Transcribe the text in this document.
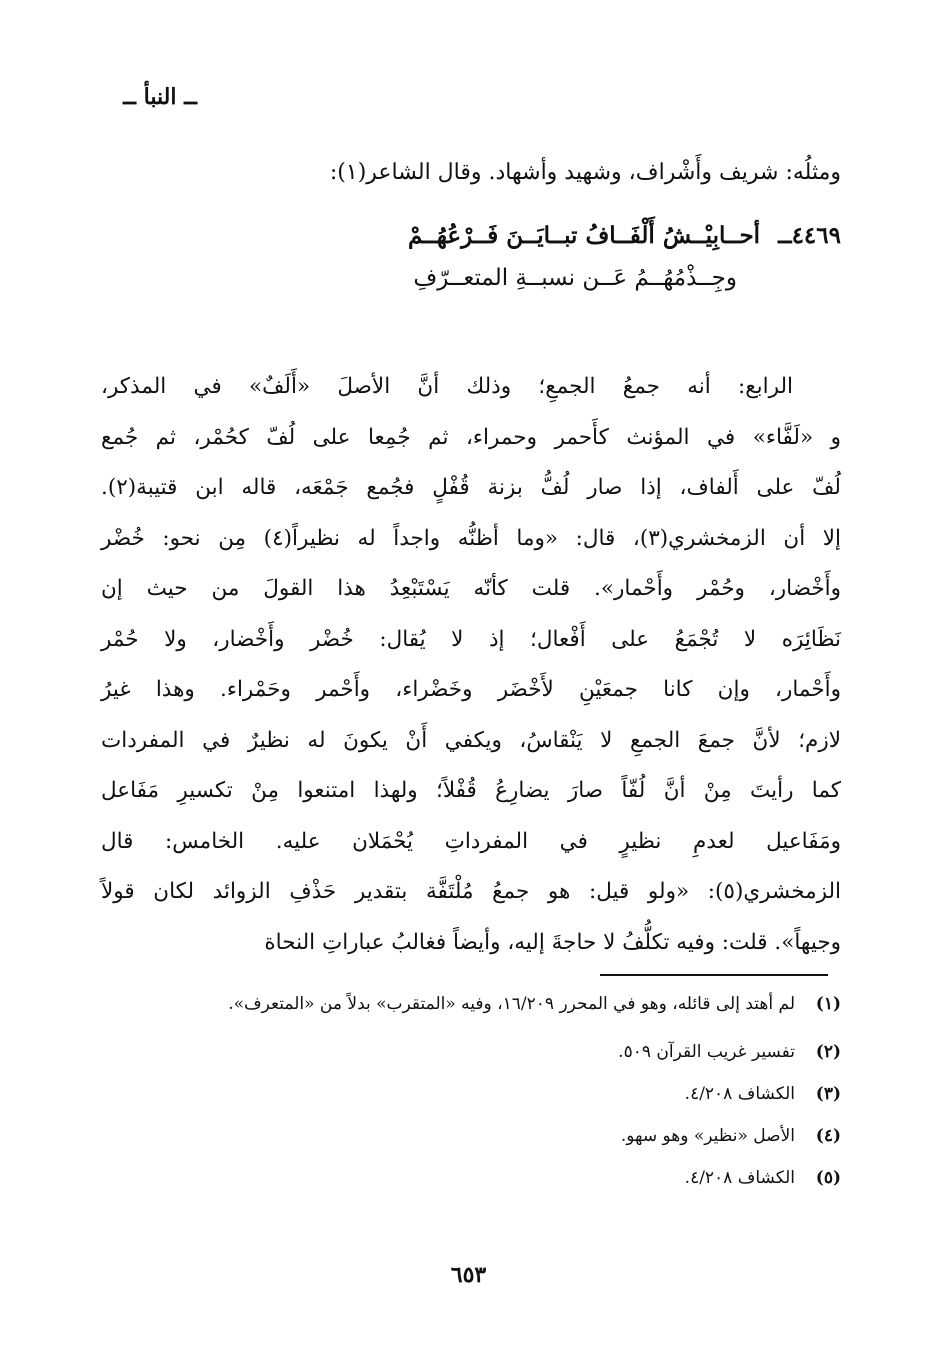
ــ النبأ ــ
ومثلُه: شريف وأَشْراف، وشهيد وأشهاد. وقال الشاعر(١):
٤٤٦٩ــ أحــابِيْــشُ أَلْفَــافُ تبــايَــنَ فَــرْعُهُــمْ
وجِــذْمُهُــمُ عَــن نسبــةِ المتعــرّفِ
الرابع: أنه جمعُ الجمعِ؛ وذلك أنَّ الأصلَ «أَلَفٌ» في المذكر،
و «لَفَّاء» في المؤنث كأَحمر وحمراء، ثم جُمِعا على لُفّ كحُمْر، ثم جُمع
لُفّ على أَلفاف، إذا صار لُفُّ بزنة قُفْلٍ فجُمع جَمْعَه، قاله ابن قتيبة(٢).
إلا أن الزمخشري(٣)، قال: «وما أظنُّه واجداً له نظيراً(٤) مِن نحو: خُضْر
وأَخْضار، وحُمْر وأَحْمار». قلت كأنّه يَسْتَبْعِدُ هذا القولَ من حيث إن
نَظَائِرَه لا تُجْمَعُ على أَفْعال؛ إذ لا يُقال: خُضْر وأَخْضار، ولا حُمْر
وأَحْمار، وإن كانا جمعَيْنِ لأَخْضَر وخَضْراء، وأَحْمر وحَمْراء. وهذا غيرُ
لازم؛ لأنَّ جمعَ الجمعِ لا يَنْقاسُ، ويكفي أَنْ يكونَ له نظيرٌ في المفردات
كما رأيتَ مِنْ أنَّ لُفّاً صارَ يضارِعُ قُفْلاً؛ ولهذا امتنعوا مِنْ تكسيرِ مَفَاعل
ومَفَاعيل لعدمِ نظيرٍ في المفرداتِ يُحْمَلان عليه. الخامس: قال
الزمخشري(٥): «ولو قيل: هو جمعُ مُلْتَفَّة بتقدير حَذْفِ الزوائد لكان قولاً
وجيهاً». قلت: وفيه تكلُّفُ لا حاجةَ إليه، وأيضاً فغالبُ عباراتِ النحاة
(١)
لم أهتد إلى قائله، وهو في المحرر ١٦/٢٠٩، وفيه «المتقرب» بدلاً من «المتعرف».
(٢)
تفسير غريب القرآن ٥٠٩.
(٣)
الكشاف ٤/٢٠٨.
(٤)
الأصل «نظير» وهو سهو.
(٥)
الكشاف ٤/٢٠٨.
٦٥٣
